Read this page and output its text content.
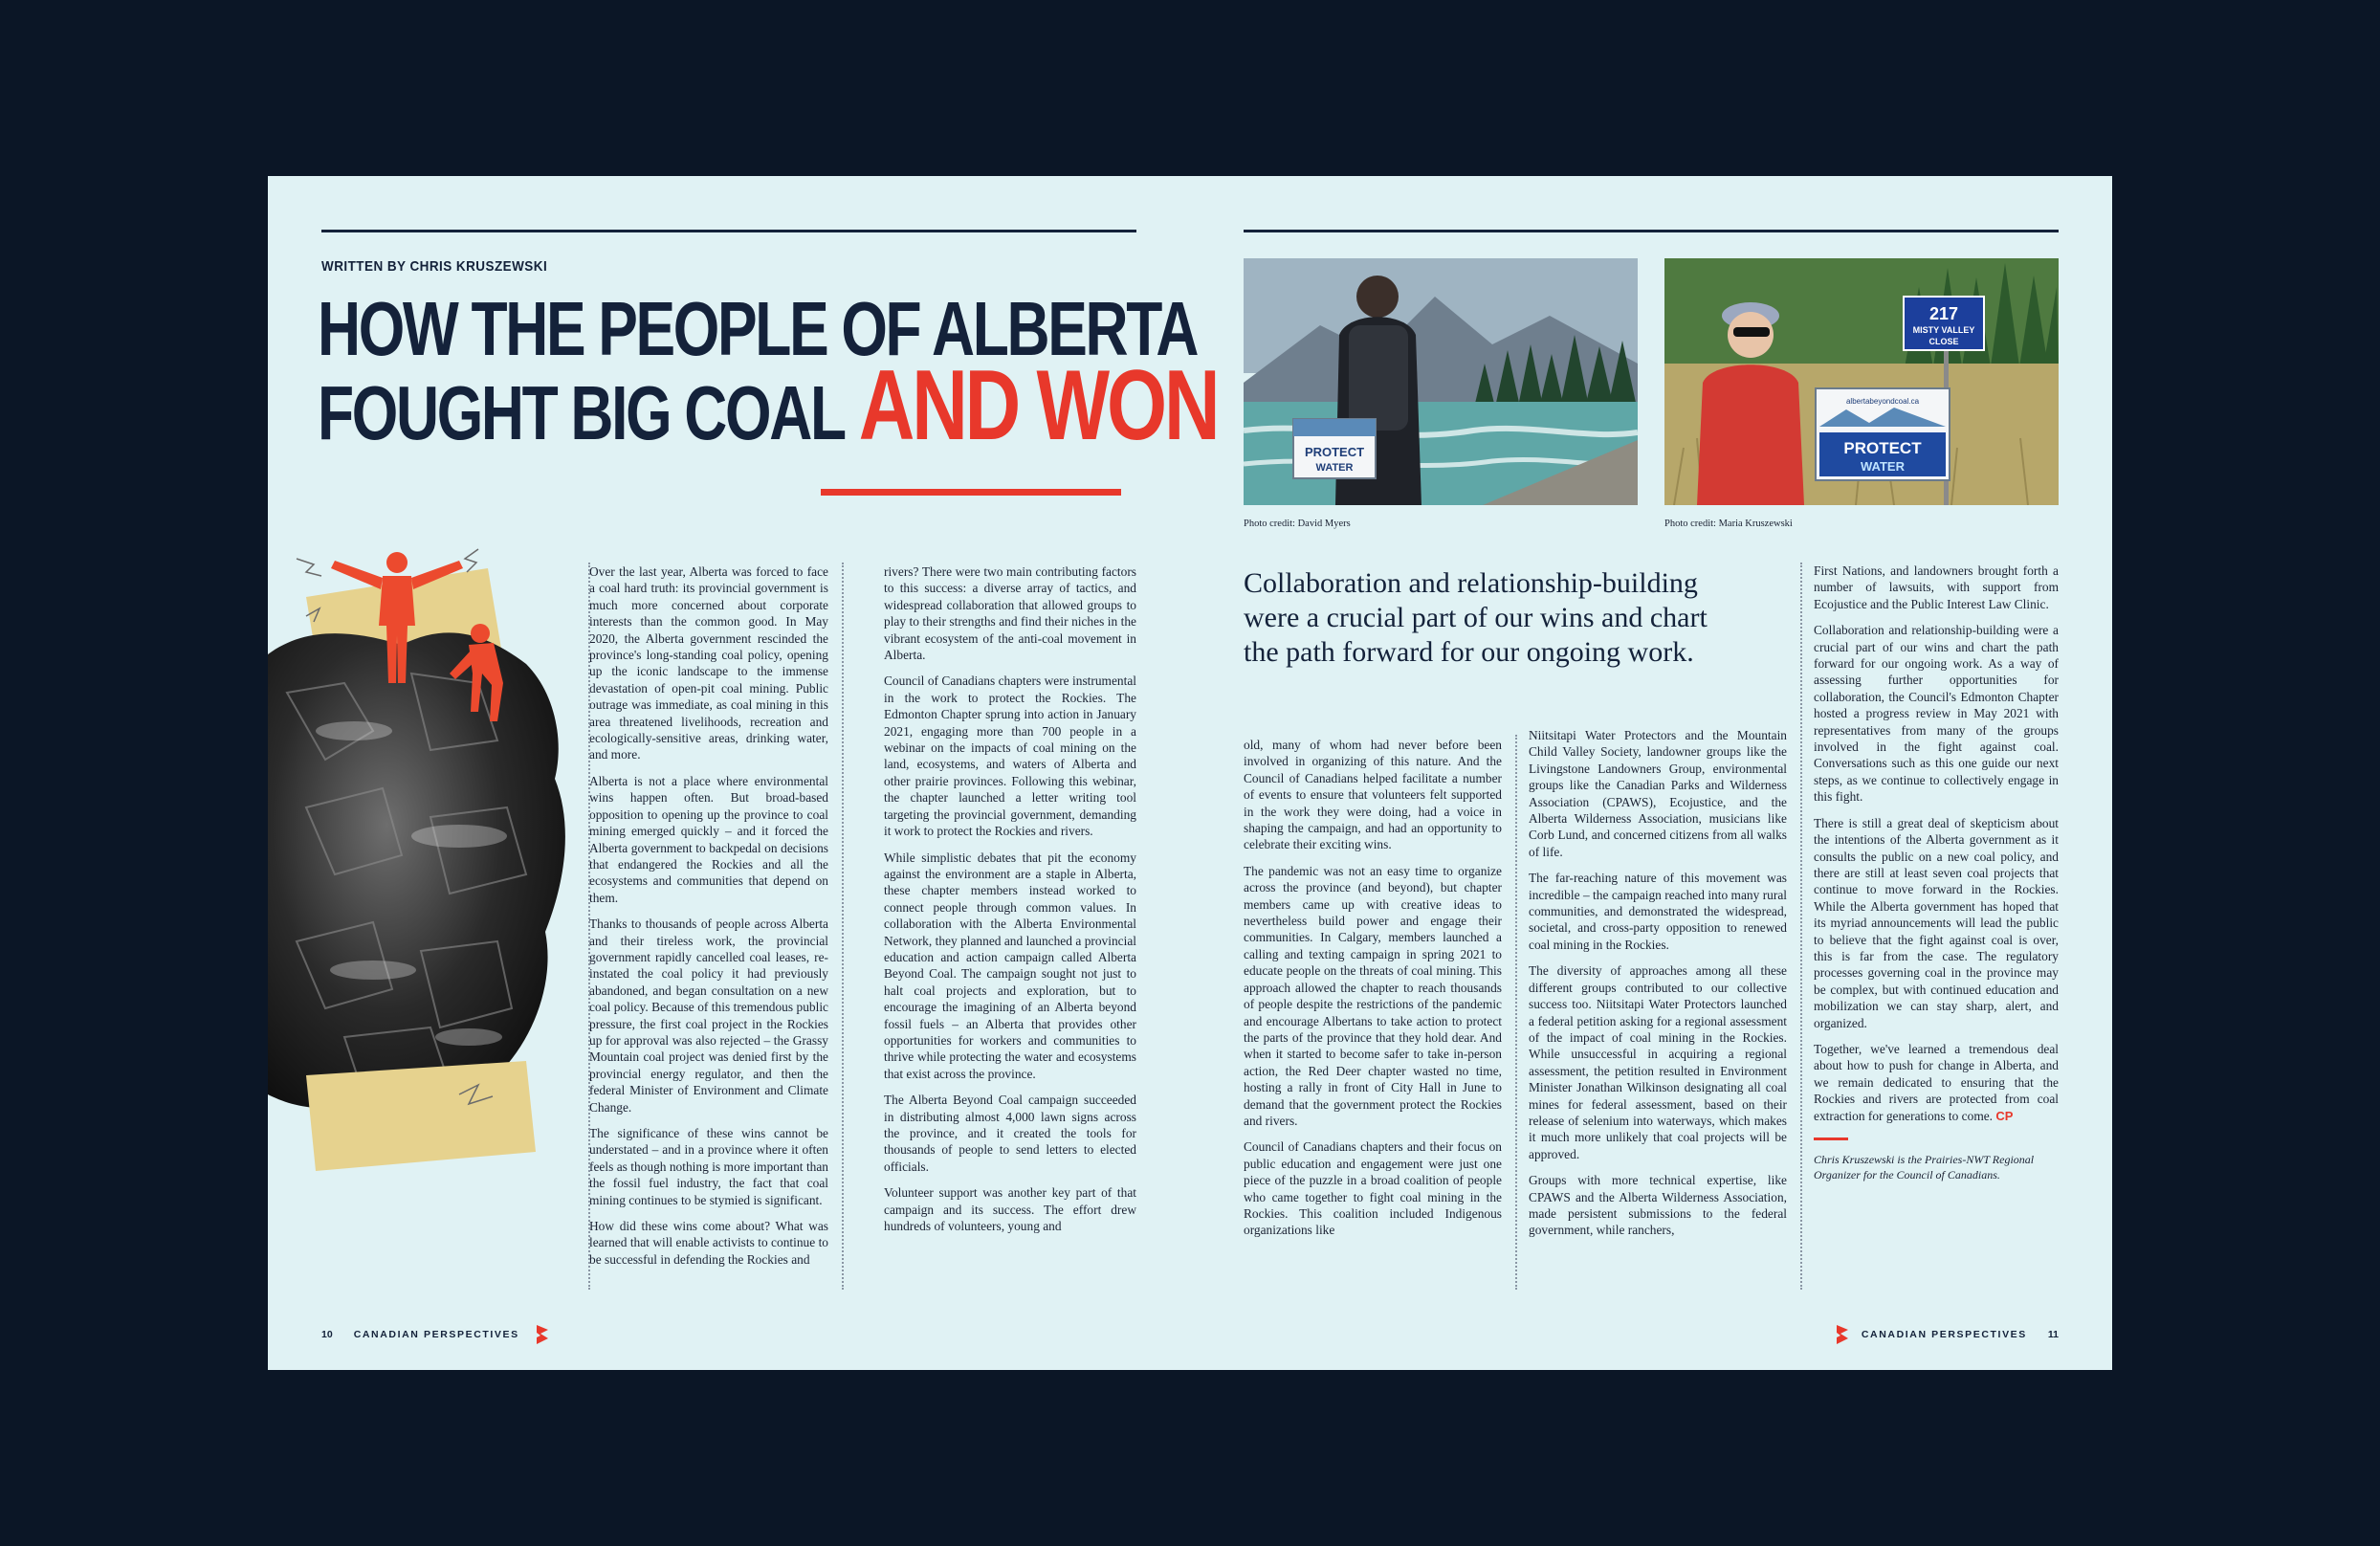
WRITTEN BY CHRIS KRUSZEWSKI
HOW THE PEOPLE OF ALBERTA
FOUGHT BIG COAL AND WON

Over the last year, Alberta was forced to face a coal hard truth: its provincial government is much more concerned about corporate interests than the common good. In May 2020, the Alberta government rescinded the province's long-standing coal policy, opening up the iconic landscape to the immense devastation of open-pit coal mining. Public outrage was immediate, as coal mining in this area threatened livelihoods, recreation and ecologically-sensitive areas, drinking water, and more.

Alberta is not a place where environmental wins happen often. But broad-based opposition to opening up the province to coal mining emerged quickly – and it forced the Alberta government to backpedal on decisions that endangered the Rockies and all the ecosystems and communities that depend on them.

Thanks to thousands of people across Alberta and their tireless work, the provincial government rapidly cancelled coal leases, re-instated the coal policy it had previously abandoned, and began consultation on a new coal policy. Because of this tremendous public pressure, the first coal project in the Rockies up for approval was also rejected – the Grassy Mountain coal project was denied first by the provincial energy regulator, and then the federal Minister of Environment and Climate Change.

The significance of these wins cannot be understated – and in a province where it often feels as though nothing is more important than the fossil fuel industry, the fact that coal mining continues to be stymied is significant.

How did these wins come about? What was learned that will enable activists to continue to be successful in defending the Rockies and

rivers? There were two main contributing factors to this success: a diverse array of tactics, and widespread collaboration that allowed groups to play to their strengths and find their niches in the vibrant ecosystem of the anti-coal movement in Alberta.

Council of Canadians chapters were instrumental in the work to protect the Rockies. The Edmonton Chapter sprung into action in January 2021, engaging more than 700 people in a webinar on the impacts of coal mining on the land, ecosystems, and waters of Alberta and other prairie provinces. Following this webinar, the chapter launched a letter writing tool targeting the provincial government, demanding it work to protect the Rockies and rivers.

While simplistic debates that pit the economy against the environment are a staple in Alberta, these chapter members instead worked to connect people through common values. In collaboration with the Alberta Environmental Network, they planned and launched a provincial education and action campaign called Alberta Beyond Coal. The campaign sought not just to halt coal projects and exploration, but to encourage the imagining of an Alberta beyond fossil fuels – an Alberta that provides other opportunities for workers and communities to thrive while protecting the water and ecosystems that exist across the province.

The Alberta Beyond Coal campaign succeeded in distributing almost 4,000 lawn signs across the province, and it created the tools for thousands of people to send letters to elected officials.

Volunteer support was another key part of that campaign and its success. The effort drew hundreds of volunteers, young and

10 CANADIAN PERSPECTIVES
PROTECT
WATER
Photo credit: David Myers
217
MISTY VALLEY
CLOSE
albertabeyondcoal.ca
PROTECT
WATER
Photo credit: Maria Kruszewski
Collaboration and relationship-building were a crucial part of our wins and chart the path forward for our ongoing work.

old, many of whom had never before been involved in organizing of this nature. And the Council of Canadians helped facilitate a number of events to ensure that volunteers felt supported in the work they were doing, had a voice in shaping the campaign, and had an opportunity to celebrate their exciting wins.

The pandemic was not an easy time to organize across the province (and beyond), but chapter members came up with creative ideas to nevertheless build power and engage their communities. In Calgary, members launched a calling and texting campaign in spring 2021 to educate people on the threats of coal mining. This approach allowed the chapter to reach thousands of people despite the restrictions of the pandemic and encourage Albertans to take action to protect the parts of the province that they hold dear. And when it started to become safer to take in-person action, the Red Deer chapter wasted no time, hosting a rally in front of City Hall in June to demand that the government protect the Rockies and rivers.

Council of Canadians chapters and their focus on public education and engagement were just one piece of the puzzle in a broad coalition of people who came together to fight coal mining in the Rockies. This coalition included Indigenous organizations like

Niitsitapi Water Protectors and the Mountain Child Valley Society, landowner groups like the Livingstone Landowners Group, environmental groups like the Canadian Parks and Wilderness Association (CPAWS), Ecojustice, and the Alberta Wilderness Association, musicians like Corb Lund, and concerned citizens from all walks of life.

The far-reaching nature of this movement was incredible – the campaign reached into many rural communities, and demonstrated the widespread, societal, and cross-party opposition to renewed coal mining in the Rockies.

The diversity of approaches among all these different groups contributed to our collective success too. Niitsitapi Water Protectors launched a federal petition asking for a regional assessment of the impact of coal mining in the Rockies. While unsuccessful in acquiring a regional assessment, the petition resulted in Environment Minister Jonathan Wilkinson designating all coal mines for federal assessment, based on their release of selenium into waterways, which makes it much more unlikely that coal projects will be approved.

Groups with more technical expertise, like CPAWS and the Alberta Wilderness Association, made persistent submissions to the federal government, while ranchers,

First Nations, and landowners brought forth a number of lawsuits, with support from Ecojustice and the Public Interest Law Clinic.

Collaboration and relationship-building were a crucial part of our wins and chart the path forward for our ongoing work. As a way of assessing further opportunities for collaboration, the Council's Edmonton Chapter hosted a progress review in May 2021 with representatives from many of the groups involved in the fight against coal. Conversations such as this one guide our next steps, as we continue to collectively engage in this fight.

There is still a great deal of skepticism about the intentions of the Alberta government as it consults the public on a new coal policy, and there are still at least seven coal projects that continue to move forward in the Rockies. While the Alberta government has hoped that its myriad announcements will lead the public to believe that the fight against coal is over, this is far from the case. The regulatory processes governing coal in the province may be complex, but with continued education and mobilization we can stay sharp, alert, and organized.

Together, we've learned a tremendous deal about how to push for change in Alberta, and we remain dedicated to ensuring that the Rockies and rivers are protected from coal extraction for generations to come. CP

Chris Kruszewski is the Prairies-NWT Regional Organizer for the Council of Canadians.
CANADIAN PERSPECTIVES 11
